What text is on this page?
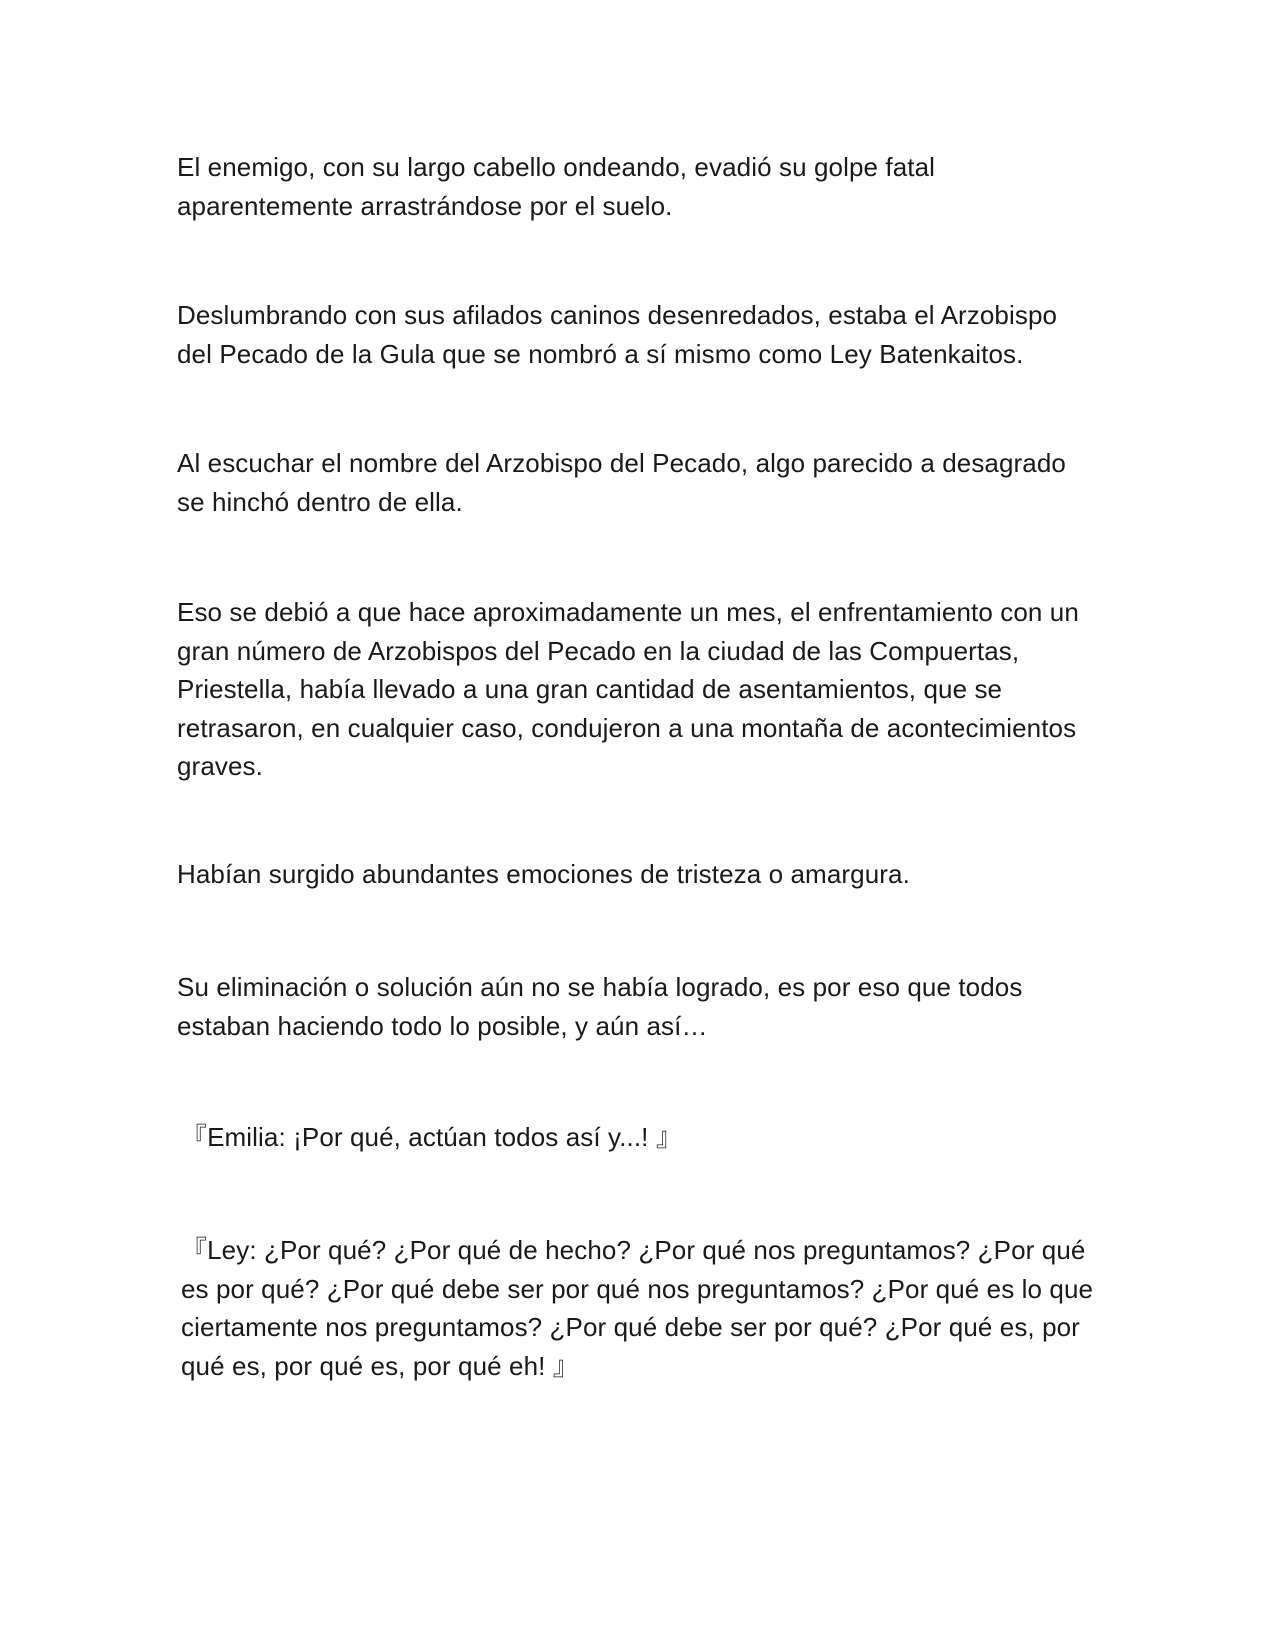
El enemigo, con su largo cabello ondeando, evadió su golpe fatal
aparentemente arrastrándose por el suelo.

Deslumbrando con sus afilados caninos desenredados, estaba el Arzobispo
del Pecado de la Gula que se nombró a sí mismo como Ley Batenkaitos.

Al escuchar el nombre del Arzobispo del Pecado, algo parecido a desagrado
se hinchó dentro de ella.

Eso se debió a que hace aproximadamente un mes, el enfrentamiento con un
gran número de Arzobispos del Pecado en la ciudad de las Compuertas,
Priestella, había llevado a una gran cantidad de asentamientos, que se
retrasaron, en cualquier caso, condujeron a una montaña de acontecimientos
graves.

Habían surgido abundantes emociones de tristeza o amargura.

Su eliminación o solución aún no se había logrado, es por eso que todos
estaban haciendo todo lo posible, y aún así…

『Emilia: ¡Por qué, actúan todos así y...! 』

『Ley: ¿Por qué? ¿Por qué de hecho? ¿Por qué nos preguntamos? ¿Por qué
es por qué? ¿Por qué debe ser por qué nos preguntamos? ¿Por qué es lo que
ciertamente nos preguntamos? ¿Por qué debe ser por qué? ¿Por qué es, por
qué es, por qué es, por qué eh! 』
